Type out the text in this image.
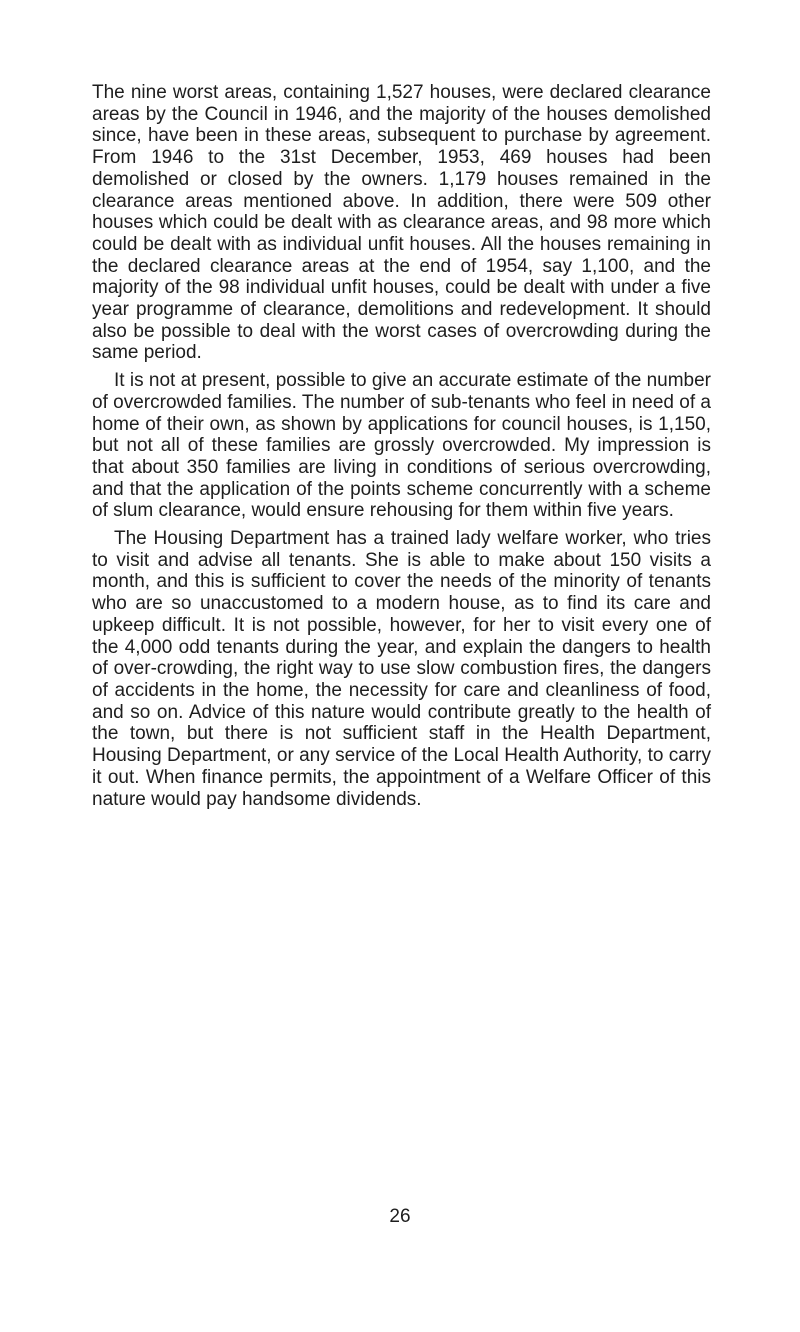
The nine worst areas, containing 1,527 houses, were declared clearance areas by the Council in 1946, and the majority of the houses demolished since, have been in these areas, subsequent to purchase by agreement. From 1946 to the 31st December, 1953, 469 houses had been demolished or closed by the owners. 1,179 houses remained in the clearance areas mentioned above. In addition, there were 509 other houses which could be dealt with as clearance areas, and 98 more which could be dealt with as individual unfit houses. All the houses remaining in the declared clearance areas at the end of 1954, say 1,100, and the majority of the 98 individual unfit houses, could be dealt with under a five year programme of clearance, demolitions and redevelopment. It should also be possible to deal with the worst cases of overcrowding during the same period.

It is not at present, possible to give an accurate estimate of the number of overcrowded families. The number of sub-tenants who feel in need of a home of their own, as shown by applications for council houses, is 1,150, but not all of these families are grossly overcrowded. My impression is that about 350 families are living in conditions of serious overcrowding, and that the application of the points scheme concurrently with a scheme of slum clearance, would ensure rehousing for them within five years.

The Housing Department has a trained lady welfare worker, who tries to visit and advise all tenants. She is able to make about 150 visits a month, and this is sufficient to cover the needs of the minority of tenants who are so unaccustomed to a modern house, as to find its care and upkeep difficult. It is not possible, however, for her to visit every one of the 4,000 odd tenants during the year, and explain the dangers to health of over-crowding, the right way to use slow combustion fires, the dangers of accidents in the home, the necessity for care and cleanliness of food, and so on. Advice of this nature would contribute greatly to the health of the town, but there is not sufficient staff in the Health Department, Housing Department, or any service of the Local Health Authority, to carry it out. When finance permits, the appointment of a Welfare Officer of this nature would pay handsome dividends.

26
